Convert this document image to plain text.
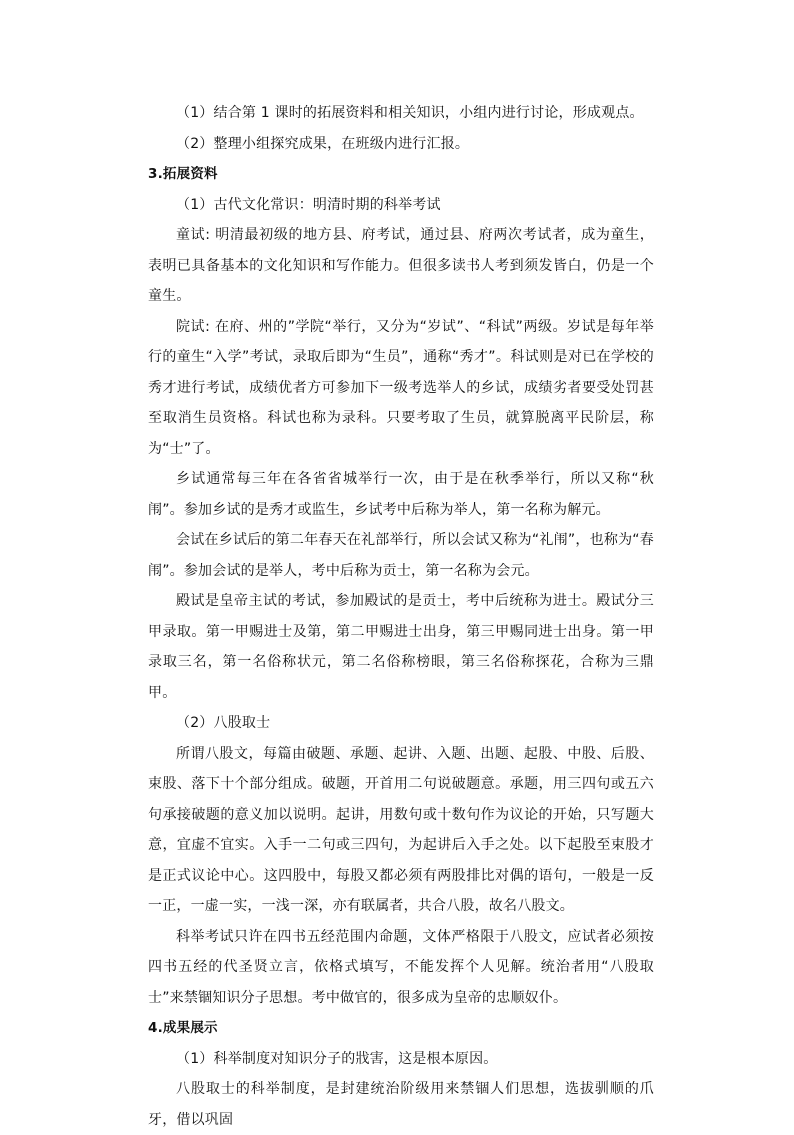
（1）结合第 1 课时的拓展资料和相关知识，小组内进行讨论，形成观点。

（2）整理小组探究成果，在班级内进行汇报。

3.拓展资料

（1）古代文化常识：明清时期的科举考试

童试: 明清最初级的地方县、府考试，通过县、府两次考试者，成为童生，表明已具备基本的文化知识和写作能力。但很多读书人考到须发皆白，仍是一个童生。

院试: 在府、州的”学院“举行，又分为“岁试”、“科试”两级。岁试是每年举行的童生“入学”考试，录取后即为“生员”，通称“秀才”。科试则是对已在学校的秀才进行考试，成绩优者方可参加下一级考选举人的乡试，成绩劣者要受处罚甚至取消生员资格。科试也称为录科。只要考取了生员，就算脱离平民阶层，称为“士”了。

乡试通常每三年在各省省城举行一次，由于是在秋季举行，所以又称“秋闱”。参加乡试的是秀才或监生，乡试考中后称为举人，第一名称为解元。

会试在乡试后的第二年春天在礼部举行，所以会试又称为“礼闱”，也称为“春闱”。参加会试的是举人，考中后称为贡士，第一名称为会元。

殿试是皇帝主试的考试，参加殿试的是贡士，考中后统称为进士。殿试分三甲录取。第一甲赐进士及第，第二甲赐进士出身，第三甲赐同进士出身。第一甲录取三名，第一名俗称状元，第二名俗称榜眼，第三名俗称探花，合称为三鼎甲。

（2）八股取士

所谓八股文，每篇由破题、承题、起讲、入题、出题、起股、中股、后股、束股、落下十个部分组成。破题，开首用二句说破题意。承题，用三四句或五六句承接破题的意义加以说明。起讲，用数句或十数句作为议论的开始，只写题大意，宜虚不宜实。入手一二句或三四句，为起讲后入手之处。以下起股至束股才是正式议论中心。这四股中，每股又都必须有两股排比对偶的语句，一般是一反一正，一虚一实，一浅一深，亦有联属者，共合八股，故名八股文。

科举考试只许在四书五经范围内命题，文体严格限于八股文，应试者必须按四书五经的代圣贤立言，依格式填写，不能发挥个人见解。统治者用“八股取士”来禁锢知识分子思想。考中做官的，很多成为皇帝的忠顺奴仆。

4.成果展示

（1）科举制度对知识分子的戕害，这是根本原因。

八股取士的科举制度，是封建统治阶级用来禁锢人们思想，选拔驯顺的爪牙，借以巩固
